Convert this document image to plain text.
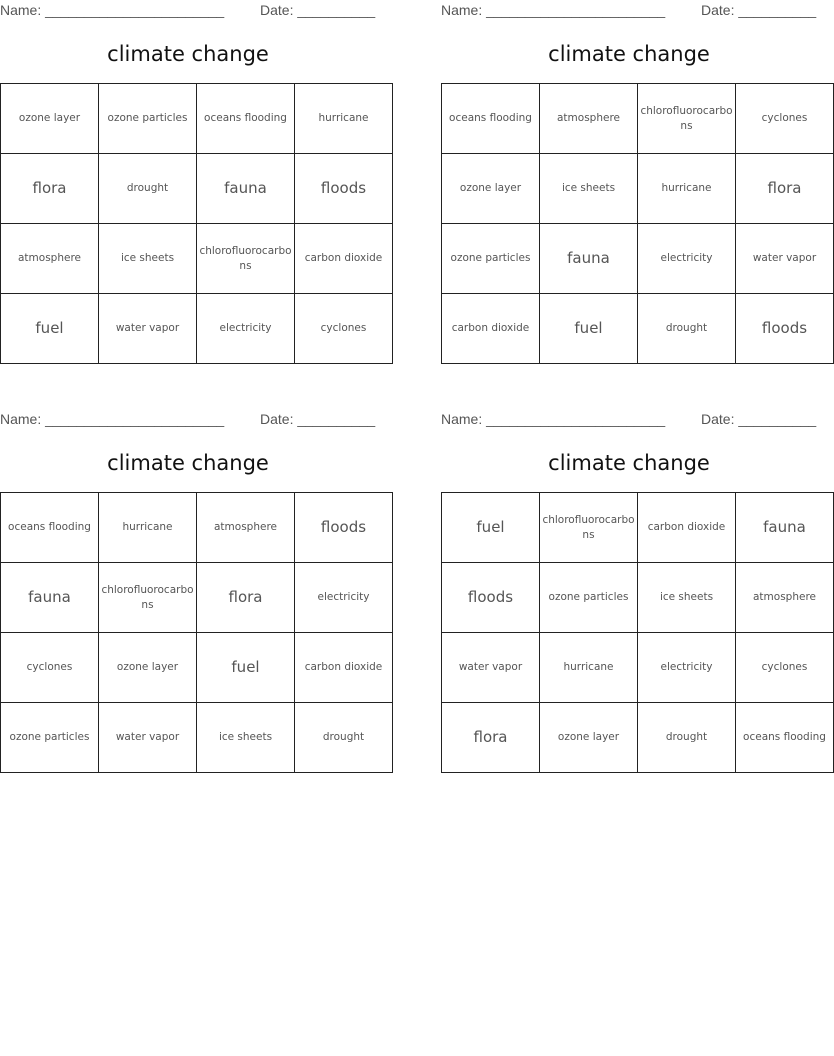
Name: _______________________	Date: __________
climate change
ozone layer	ozone particles	oceans flooding	hurricane
flora	drought	fauna	floods
atmosphere	ice sheets	chlorofluorocarbons	carbon dioxide
fuel	water vapor	electricity	cyclones
Name: _______________________	Date: __________
climate change
oceans flooding	atmosphere	chlorofluorocarbons	cyclones
ozone layer	ice sheets	hurricane	flora
ozone particles	fauna	electricity	water vapor
carbon dioxide	fuel	drought	floods
Name: _______________________	Date: __________
climate change
oceans flooding	hurricane	atmosphere	floods
fauna	chlorofluorocarbons	flora	electricity
cyclones	ozone layer	fuel	carbon dioxide
ozone particles	water vapor	ice sheets	drought
Name: _______________________	Date: __________
climate change
fuel	chlorofluorocarbons	carbon dioxide	fauna
floods	ozone particles	ice sheets	atmosphere
water vapor	hurricane	electricity	cyclones
flora	ozone layer	drought	oceans flooding
